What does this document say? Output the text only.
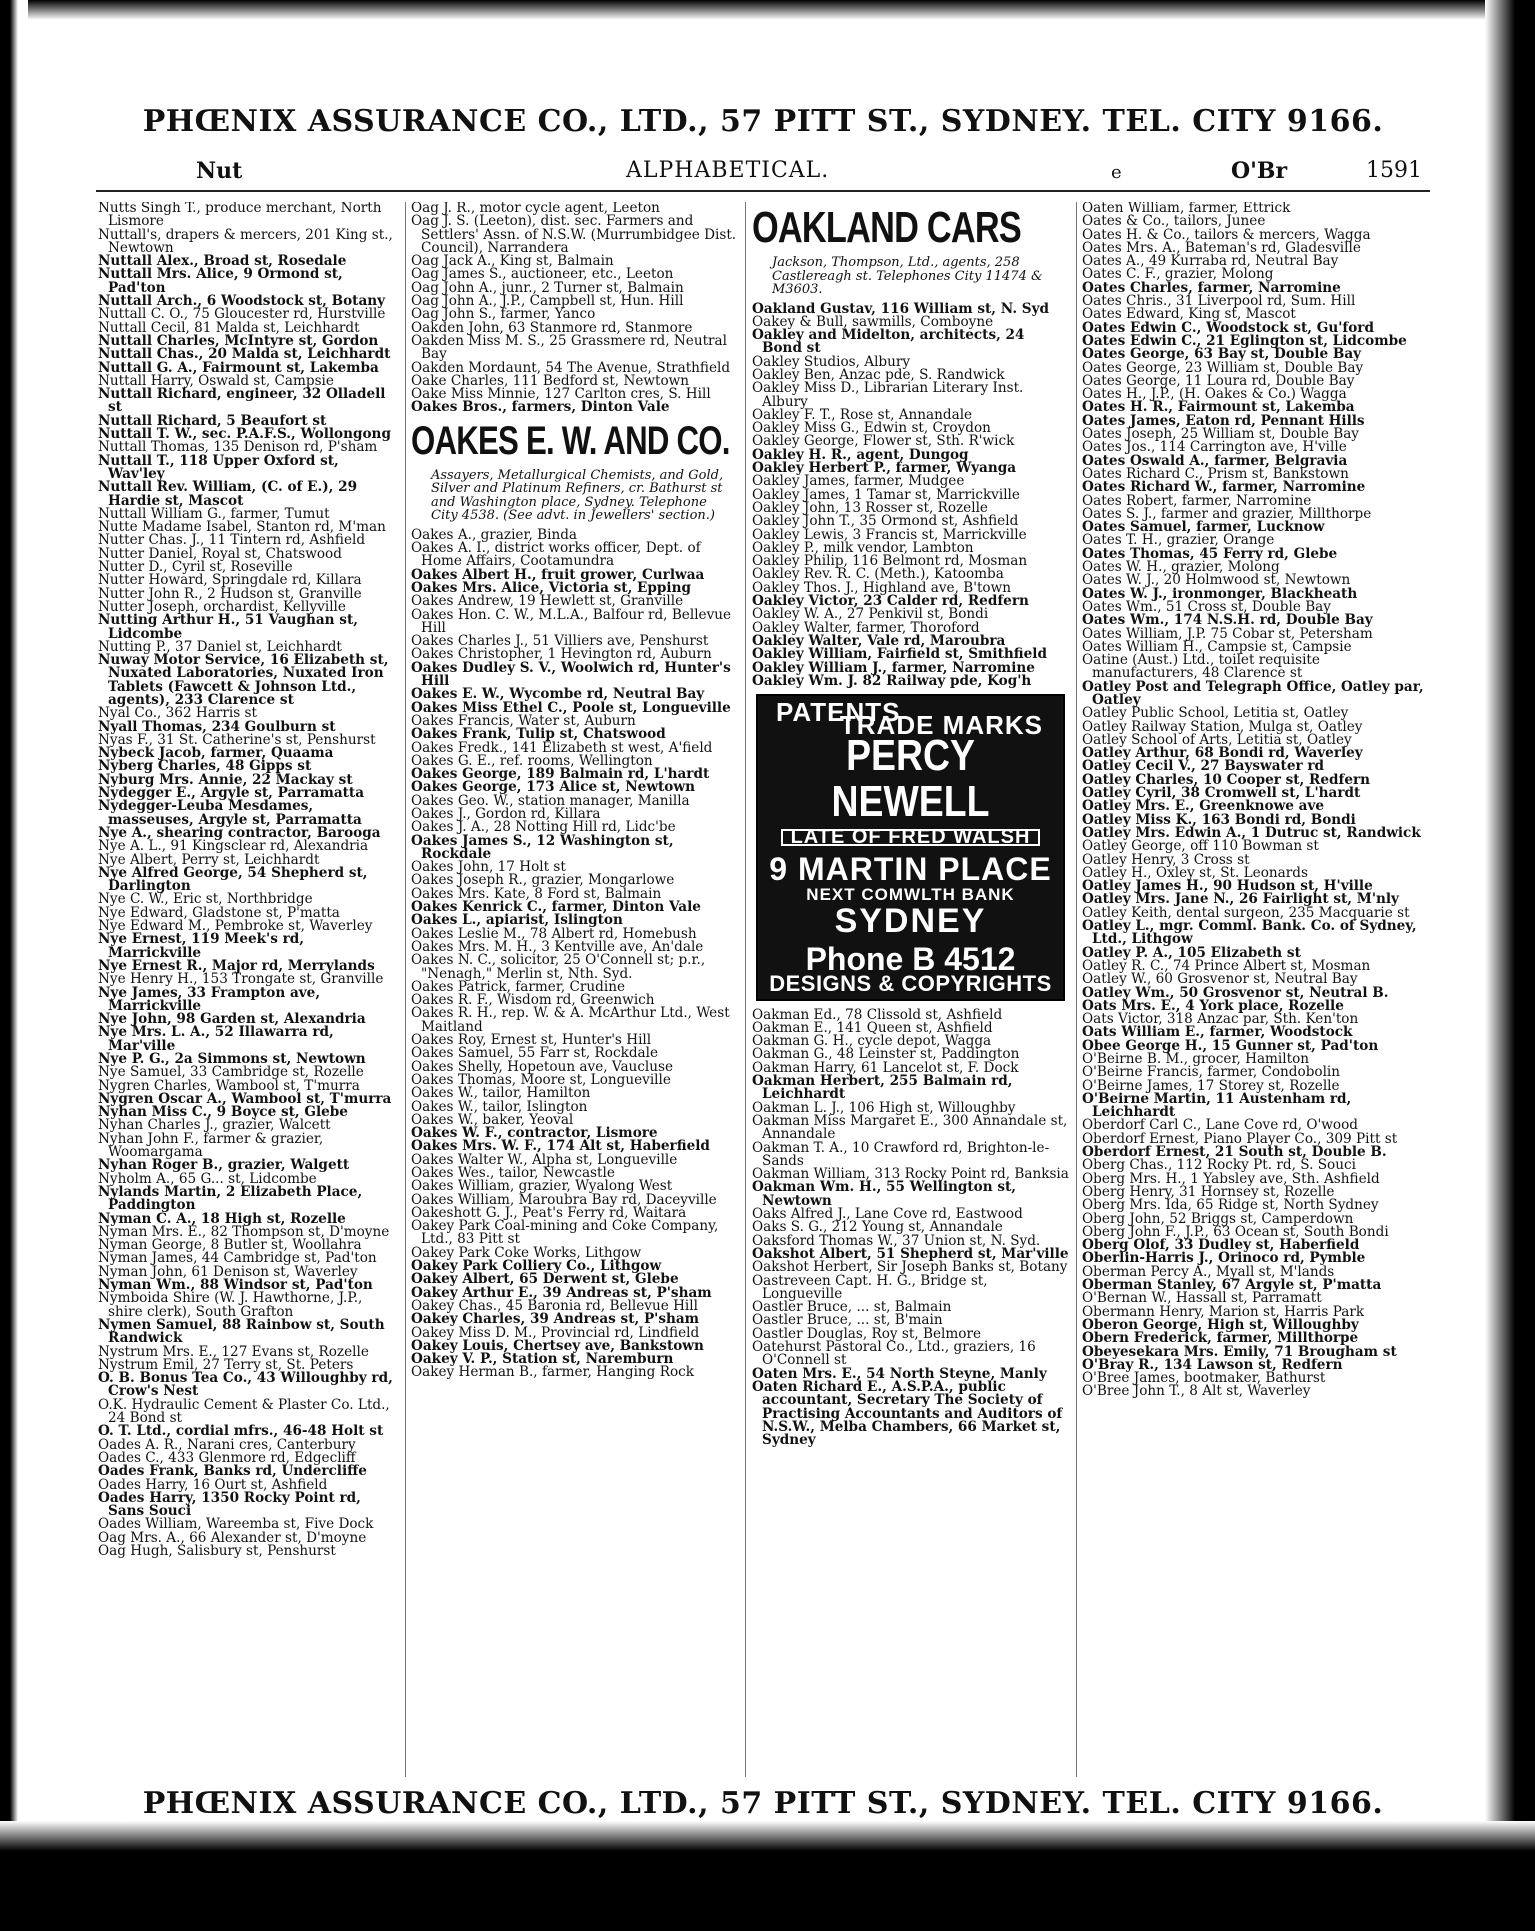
PHŒNIX ASSURANCE CO., LTD., 57 PITT ST., SYDNEY. TEL. CITY 9166.
Nut	ALPHABETICAL.	e	O'Br	1591
Nutts Singh T., produce merchant, North Lismore
Nuttall's, drapers & mercers, 201 King st., Newtown
Nuttall Alex., Broad st, Rosedale
Nuttall Mrs. Alice, 9 Ormond st, Pad'ton
Nuttall Arch., 6 Woodstock st, Botany
Nuttall C. O., 75 Gloucester rd, Hurstville
Nuttall Cecil, 81 Malda st, Leichhardt
Nuttall Charles, McIntyre st, Gordon
Nuttall Chas., 20 Malda st, Leichhardt
Nuttall G. A., Fairmount st, Lakemba
Nuttall Harry, Oswald st, Campsie
Nuttall Richard, engineer, 32 Olladell st
Nuttall Richard, 5 Beaufort st
Nuttall T. W., sec. P.A.F.S., Wollongong
Nuttall Thomas, 135 Denison rd, P'sham
Nuttall T., 118 Upper Oxford st, Wav'ley
Nuttall Rev. William, (C. of E.), 29 Hardie st, Mascot
Nuttall William G., farmer, Tumut
Nutte Madame Isabel, Stanton rd, M'man
Nutter Chas. J., 11 Tintern rd, Ashfield
Nutter Daniel, Royal st, Chatswood
Nutter D., Cyril st, Roseville
Nutter Howard, Springdale rd, Killara
Nutter John R., 2 Hudson st, Granville
Nutter Joseph, orchardist, Kellyville
Nutting Arthur H., 51 Vaughan st, Lidcombe
Nutting P., 37 Daniel st, Leichhardt
Nuway Motor Service, 16 Elizabeth st, Nuxated Laboratories, Nuxated Iron Tablets (Fawcett & Johnson Ltd., agents), 233 Clarence st
Nyal Co., 362 Harris st
Nyall Thomas, 234 Goulburn st
Nyas F., 31 St. Catherine's st, Penshurst
Nybeck Jacob, farmer, Quaama
Nyberg Charles, 48 Gipps st
Nyburg Mrs. Annie, 22 Mackay st
Nydegger E., Argyle st, Parramatta
Nydegger-Leuba Mesdames, masseuses, Argyle st, Parramatta
Nye A., shearing contractor, Barooga
Nye A. L., 91 Kingsclear rd, Alexandria
Nye Albert, Perry st, Leichhardt
Nye Alfred George, 54 Shepherd st, Darlington
Nye C. W., Eric st, Northbridge
Nye Edward, Gladstone st, P'matta
Nye Edward M., Pembroke st, Waverley
Nye Ernest, 119 Meek's rd, Marrickville
Nye Ernest R., Major rd, Merrylands
Nye Henry H., 153 Trongate st, Granville
Nye James, 33 Frampton ave, Marrickville
Nye John, 98 Garden st, Alexandria
Nye Mrs. L. A., 52 Illawarra rd, Mar'ville
Nye P. G., 2a Simmons st, Newtown
Nye Samuel, 33 Cambridge st, Rozelle
Nygren Charles, Wambool st, T'murra
Nygren Oscar A., Wambool st, T'murra
Nyhan Miss C., 9 Boyce st, Glebe
Nyhan Charles J., grazier, Walcett
Nyhan John F., farmer & grazier, Woomargama
Nyhan Roger B., grazier, Walgett
Nyholm A., 65 G... st, Lidcombe
Nylands Martin, 2 Elizabeth Place, Paddington
Nyman C. A., 18 High st, Rozelle
Nyman Mrs. E., 82 Thompson st, D'moyne
Nyman George, 8 Butler st, Woollahra
Nyman James, 44 Cambridge st, Pad'ton
Nyman John, 61 Denison st, Waverley
Nyman Wm., 88 Windsor st, Pad'ton
Nymboida Shire (W. J. Hawthorne, J.P., shire clerk), South Grafton
Nymen Samuel, 88 Rainbow st, South Randwick
Nystrum Mrs. E., 127 Evans st, Rozelle
Nystrum Emil, 27 Terry st, St. Peters
O. B. Bonus Tea Co., 43 Willoughby rd, Crow's Nest
O.K. Hydraulic Cement & Plaster Co. Ltd., 24 Bond st
O. T. Ltd., cordial mfrs., 46-48 Holt st
Oades A. R., Narani cres, Canterbury
Oades C., 433 Glenmore rd, Edgecliff
Oades Frank, Banks rd, Undercliffe
Oades Harry, 16 Ourt st, Ashfield
Oades Harry, 1350 Rocky Point rd, Sans Souci
Oades William, Wareemba st, Five Dock
Oag Mrs. A., 66 Alexander st, D'moyne
Oag Hugh, Salisbury st, Penshurst
Oag J. R., motor cycle agent, Leeton
Oag J. S. (Leeton), dist. sec. Farmers and Settlers' Assn. of N.S.W. (Murrumbidgee Dist. Council), Narrandera
Oag Jack A., King st, Balmain
Oag James S., auctioneer, etc., Leeton
Oag John A., junr., 2 Turner st, Balmain
Oag John A., J.P., Campbell st, Hun. Hill
Oag John S., farmer, Yanco
Oakden John, 63 Stanmore rd, Stanmore
Oakden Miss M. S., 25 Grassmere rd, Neutral Bay
Oakden Mordaunt, 54 The Avenue, Strathfield
Oake Charles, 111 Bedford st, Newtown
Oake Miss Minnie, 127 Carlton cres, S. Hill
Oakes Bros., farmers, Dinton Vale
OAKES E. W. AND CO.
Assayers, Metallurgical Chemists, and Gold, Silver and Platinum Refiners, cr. Bathurst st and Washington place, Sydney. Telephone City 4538. (See advt. in Jewellers' section.)
Oakes A., grazier, Binda
Oakes A. I., district works officer, Dept. of Home Affairs, Cootamundra
Oakes Albert H., fruit grower, Curlwaa
Oakes Mrs. Alice, Victoria st, Epping
Oakes Andrew, 19 Hewlett st, Granville
Oakes Hon. C. W., M.L.A., Balfour rd, Bellevue Hill
Oakes Charles J., 51 Villiers ave, Penshurst
Oakes Christopher, 1 Hevington rd, Auburn
Oakes Dudley S. V., Woolwich rd, Hunter's Hill
Oakes E. W., Wycombe rd, Neutral Bay
Oakes Miss Ethel C., Poole st, Longueville
Oakes Francis, Water st, Auburn
Oakes Frank, Tulip st, Chatswood
Oakes Fredk., 141 Elizabeth st west, A'field
Oakes G. E., ref. rooms, Wellington
Oakes George, 189 Balmain rd, L'hardt
Oakes George, 173 Alice st, Newtown
Oakes Geo. W., station manager, Manilla
Oakes J., Gordon rd, Killara
Oakes J. A., 28 Notting Hill rd, Lidc'be
Oakes James S., 12 Washington st, Rockdale
Oakes John, 17 Holt st
Oakes Joseph R., grazier, Mongarlowe
Oakes Mrs. Kate, 8 Ford st, Balmain
Oakes Kenrick C., farmer, Dinton Vale
Oakes L., apiarist, Islington
Oakes Leslie M., 78 Albert rd, Homebush
Oakes Mrs. M. H., 3 Kentville ave, An'dale
Oakes N. C., solicitor, 25 O'Connell st; p.r., "Nenagh," Merlin st, Nth. Syd.
Oakes Patrick, farmer, Crudine
Oakes R. F., Wisdom rd, Greenwich
Oakes R. H., rep. W. & A. McArthur Ltd., West Maitland
Oakes Roy, Ernest st, Hunter's Hill
Oakes Samuel, 55 Farr st, Rockdale
Oakes Shelly, Hopetoun ave, Vaucluse
Oakes Thomas, Moore st, Longueville
Oakes W., tailor, Hamilton
Oakes W., tailor, Islington
Oakes W., baker, Yeoval
Oakes W. F., contractor, Lismore
Oakes Mrs. W. F., 174 Alt st, Haberfield
Oakes Walter W., Alpha st, Longueville
Oakes Wes., tailor, Newcastle
Oakes William, grazier, Wyalong West
Oakes William, Maroubra Bay rd, Daceyville
Oakeshott G. J., Peat's Ferry rd, Waitara
Oakey Park Coal-mining and Coke Company, Ltd., 83 Pitt st
Oakey Park Coke Works, Lithgow
Oakey Park Colliery Co., Lithgow
Oakey Albert, 65 Derwent st, Glebe
Oakey Arthur E., 39 Andreas st, P'sham
Oakey Chas., 45 Baronia rd, Bellevue Hill
Oakey Charles, 39 Andreas st, P'sham
Oakey Miss D. M., Provincial rd, Lindfield
Oakey Louis, Chertsey ave, Bankstown
Oakey V. P., Station st, Naremburn
Oakey Herman B., farmer, Hanging Rock
OAKLAND CARS
Jackson, Thompson, Ltd., agents, 258 Castlereagh st. Telephones City 11474 & M3603.
Oakland Gustav, 116 William st, N. Syd
Oakey & Bull, sawmills, Comboyne
Oakley and Midelton, architects, 24 Bond st
Oakley Studios, Albury
Oakley Ben, Anzac pde, S. Randwick
Oakley Miss D., Librarian Literary Inst. Albury
Oakley F. T., Rose st, Annandale
Oakley Miss G., Edwin st, Croydon
Oakley George, Flower st, Sth. R'wick
Oakley H. R., agent, Dungog
Oakley Herbert P., farmer, Wyanga
Oakley James, farmer, Mudgee
Oakley James, 1 Tamar st, Marrickville
Oakley John, 13 Rosser st, Rozelle
Oakley John T., 35 Ormond st, Ashfield
Oakley Lewis, 3 Francis st, Marrickville
Oakley P., milk vendor, Lambton
Oakley Philip, 116 Belmont rd, Mosman
Oakley Rev. R. C. (Meth.), Katoomba
Oakley Thos. J., Highland ave, B'town
Oakley Victor, 23 Calder rd, Redfern
Oakley W. A., 27 Penkivil st, Bondi
Oakley Walter, farmer, Thoroford
Oakley Walter, Vale rd, Maroubra
Oakley William, Fairfield st, Smithfield
Oakley William J., farmer, Narromine
Oakley Wm. J. 82 Railway pde, Kog'h
PATENTS
TRADE MARKS
PERCY NEWELL
LATE OF FRED WALSH
9 MARTIN PLACE
NEXT COMWLTH BANK
SYDNEY
Phone B 4512
DESIGNS & COPYRIGHTS
Oakman Ed., 78 Clissold st, Ashfield
Oakman E., 141 Queen st, Ashfield
Oakman G. H., cycle depot, Wagga
Oakman G., 48 Leinster st, Paddington
Oakman Harry, 61 Lancelot st, F. Dock
Oakman Herbert, 255 Balmain rd, Leichhardt
Oakman L. J., 106 High st, Willoughby
Oakman Miss Margaret E., 300 Annandale st, Annandale
Oakman T. A., 10 Crawford rd, Brighton-le-Sands
Oakman William, 313 Rocky Point rd, Banksia
Oakman Wm. H., 55 Wellington st, Newtown
Oaks Alfred J., Lane Cove rd, Eastwood
Oaks S. G., 212 Young st, Annandale
Oaksford Thomas W., 37 Union st, N. Syd.
Oakshot Albert, 51 Shepherd st, Mar'ville
Oakshot Herbert, Sir Joseph Banks st, Botany
Oastreveen Capt. H. G., Bridge st, Longueville
Oastler Bruce, ... st, Balmain
Oastler Bruce, ... st, B'main
Oastler Douglas, Roy st, Belmore
Oatehurst Pastoral Co., Ltd., graziers, 16 O'Connell st
Oaten Mrs. E., 54 North Steyne, Manly
Oaten Richard E., A.S.P.A., public accountant, Secretary The Society of Practising Accountants and Auditors of N.S.W., Melba Chambers, 66 Market st, Sydney
Oaten William, farmer, Ettrick
Oates & Co., tailors, Junee
Oates H. & Co., tailors & mercers, Wagga
Oates Mrs. A., Bateman's rd, Gladesville
Oates A., 49 Kurraba rd, Neutral Bay
Oates C. F., grazier, Molong
Oates Charles, farmer, Narromine
Oates Chris., 31 Liverpool rd, Sum. Hill
Oates Edward, King st, Mascot
Oates Edwin C., Woodstock st, Gu'ford
Oates Edwin C., 21 Eglington st, Lidcombe
Oates George, 63 Bay st, Double Bay
Oates George, 23 William st, Double Bay
Oates George, 11 Loura rd, Double Bay
Oates H., J.P., (H. Oakes & Co.) Wagga
Oates H. R., Fairmount st, Lakemba
Oates James, Eaton rd, Pennant Hills
Oates Joseph, 25 William st, Double Bay
Oates Jos., 114 Carrington ave, H'ville
Oates Oswald A., farmer, Belgravia
Oates Richard C., Prism st, Bankstown
Oates Richard W., farmer, Narromine
Oates Robert, farmer, Narromine
Oates S. J., farmer and grazier, Millthorpe
Oates Samuel, farmer, Lucknow
Oates T. H., grazier, Orange
Oates Thomas, 45 Ferry rd, Glebe
Oates W. H., grazier, Molong
Oates W. J., 20 Holmwood st, Newtown
Oates W. J., ironmonger, Blackheath
Oates Wm., 51 Cross st, Double Bay
Oates Wm., 174 N.S.H. rd, Double Bay
Oates William, J.P. 75 Cobar st, Petersham
Oates William H., Campsie st, Campsie
Oatine (Aust.) Ltd., toilet requisite manufacturers, 48 Clarence st
Oatley Post and Telegraph Office, Oatley par, Oatley
Oatley Public School, Letitia st, Oatley
Oatley Railway Station, Mulga st, Oatley
Oatley School of Arts, Letitia st, Oatley
Oatley Arthur, 68 Bondi rd, Waverley
Oatley Cecil V., 27 Bayswater rd
Oatley Charles, 10 Cooper st, Redfern
Oatley Cyril, 38 Cromwell st, L'hardt
Oatley Mrs. E., Greenknowe ave
Oatley Miss K., 163 Bondi rd, Bondi
Oatley Mrs. Edwin A., 1 Dutruc st, Randwick
Oatley George, off 110 Bowman st
Oatley Henry, 3 Cross st
Oatley H., Oxley st, St. Leonards
Oatley James H., 90 Hudson st, H'ville
Oatley Mrs. Jane N., 26 Fairlight st, M'nly
Oatley Keith, dental surgeon, 235 Macquarie st
Oatley L., mgr. Comml. Bank. Co. of Sydney, Ltd., Lithgow
Oatley P. A., 105 Elizabeth st
Oatley R. C., 74 Prince Albert st, Mosman
Oatley W., 60 Grosvenor st, Neutral Bay
Oatley Wm., 50 Grosvenor st, Neutral B.
Oats Mrs. E., 4 York place, Rozelle
Oats Victor, 318 Anzac par, Sth. Ken'ton
Oats William E., farmer, Woodstock
Obee George H., 15 Gunner st, Pad'ton
O'Beirne B. M., grocer, Hamilton
O'Beirne Francis, farmer, Condobolin
O'Beirne James, 17 Storey st, Rozelle
O'Beirne Martin, 11 Austenham rd, Leichhardt
Oberdorf Carl C., Lane Cove rd, O'wood
Oberdorf Ernest, Piano Player Co., 309 Pitt st
Oberdorf Ernest, 21 South st, Double B.
Oberg Chas., 112 Rocky Pt. rd, S. Souci
Oberg Mrs. H., 1 Yabsley ave, Sth. Ashfield
Oberg Henry, 31 Hornsey st, Rozelle
Oberg Mrs. Ida, 65 Ridge st, North Sydney
Oberg John, 52 Briggs st, Camperdown
Oberg John F., J.P., 63 Ocean st, South Bondi
Oberg Olof, 33 Dudley st, Haberfield
Oberlin-Harris J., Orinoco rd, Pymble
Oberman Percy A., Myall st, M'lands
Oberman Stanley, 67 Argyle st, P'matta
O'Bernan W., Hassall st, Parramatt
Obermann Henry, Marion st, Harris Park
Oberon George, High st, Willoughby
Obern Frederick, farmer, Millthorpe
Obeyesekara Mrs. Emily, 71 Brougham st
O'Bray R., 134 Lawson st, Redfern
O'Bree James, bootmaker, Bathurst
O'Bree John T., 8 Alt st, Waverley
PHŒNIX ASSURANCE CO., LTD., 57 PITT ST., SYDNEY. TEL. CITY 9166.
